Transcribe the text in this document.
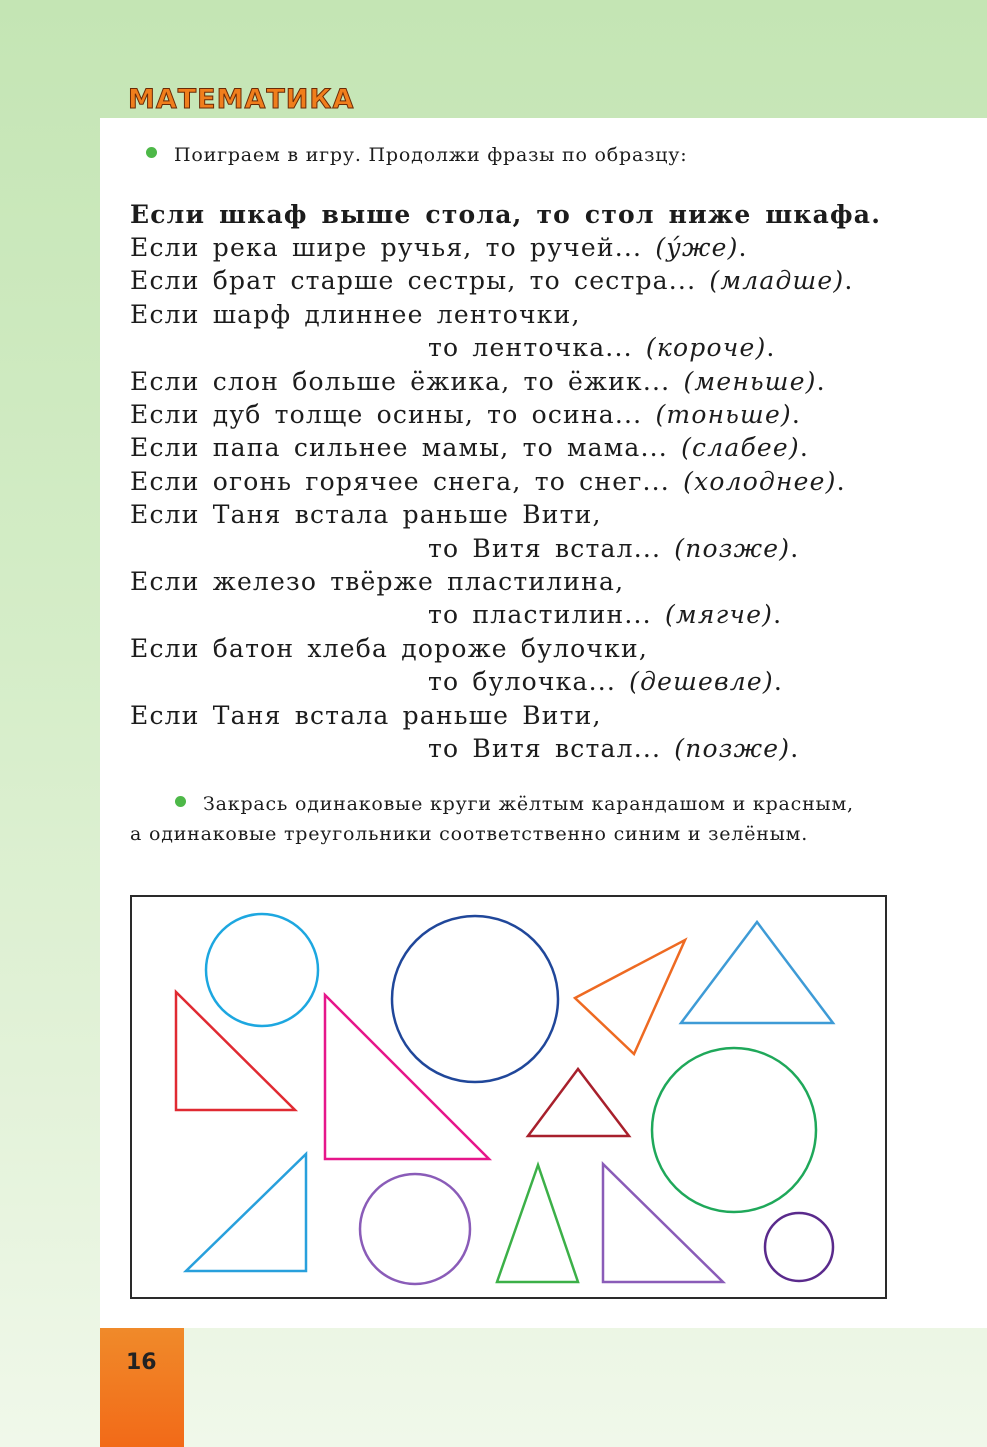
МАТЕМАТИКА
Поиграем в игру. Продолжи фразы по образцу:
Если шкаф выше стола, то стол ниже шкафа.
Если река шире ручья, то ручей... (у́же).
Если брат старше сестры, то сестра... (младше).
Если шарф длиннее ленточки,
то ленточка... (короче).
Если слон больше ёжика, то ёжик... (меньше).
Если дуб толще осины, то осина... (тоньше).
Если папа сильнее мамы, то мама... (слабее).
Если огонь горячее снега, то снег... (холоднее).
Если Таня встала раньше Вити,
то Витя встал... (позже).
Если железо твёрже пластилина,
то пластилин... (мягче).
Если батон хлеба дороже булочки,
то булочка... (дешевле).
Если Таня встала раньше Вити,
то Витя встал... (позже).
Закрась одинаковые круги жёлтым карандашом и красным,
а одинаковые треугольники соответственно синим и зелёным.
16
